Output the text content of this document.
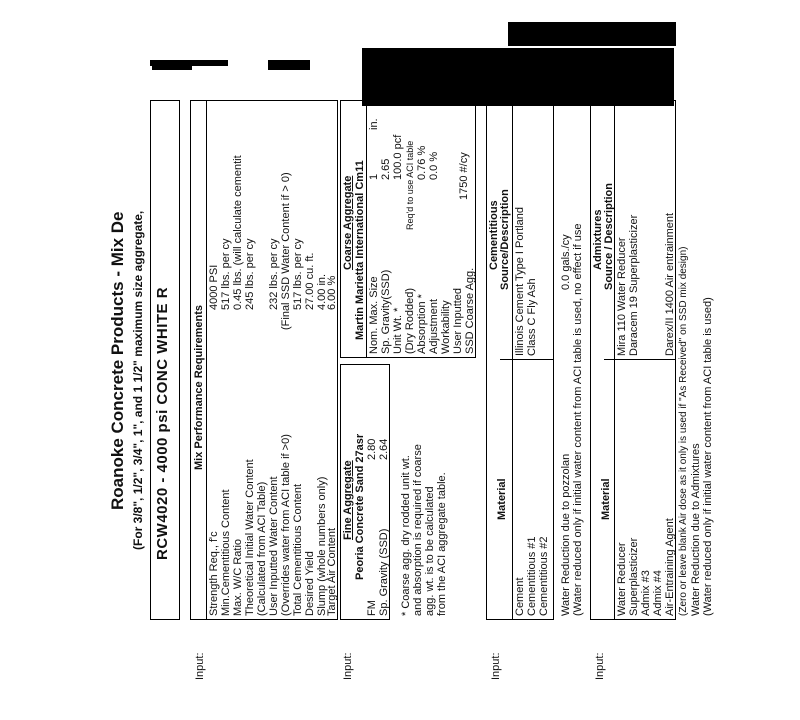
Roanoke Concrete Products - Mix De (For 3/8", 1/2", 3/4", 1", and 1 1/2" maximum size aggregate, RCW4020 - 4000 psi CONC WHITE R
Input:
Mix Performance Requirements
Strength Req., f'c
4000 PSI
Min.Cementitious Content
517 lbs. per cy
Max. W/C Ratio
0.45 lbs. (will calculate cementit
Theoretical Initial Water Content
245 lbs. per cy
(Calculated from ACI Table) User Inputted Water Content
232 lbs. per cy
(Overrides water from ACI table if >0)
(Final SSD Water Content if > 0)
Total Cementitious Content
517 lbs. per cy
Desired Yield
27.00 cu. ft.
Slump (whole numbers only)
4.00 in.
Target Air Content
6.00 %
Input:
Fine Aggregate Peoria Concrete Sand 27asr
FM
2.80
Sp. Gravity (SSD)
2.64
* Coarse agg. dry rodded unit wt. and absorption is required if coarse agg. wt. is to be calculated from the ACI aggregate table.
Coarse Aggregate Martin Marietta International Cm11 Nom. Max. Size
1
in.
Sp. Gravity(SSD)
2.65
Unit Wt. *
100.0 pcf
(Dry Rodded)
Req'd to use ACI table
Absorption *
0.76 %
Adjustment
0.0 %
Workability User Inputted
1750 #/cy
SSD Coarse Agg.
Input:
Cementitious
Material
Source/Description
Cement
Illinois Cement Type I Portland
Cementitious #1
Class C Fly Ash
Cementitious #2 Water Reduction due to pozzolan
0.0 gals./cy (Water reduced only if initial water content from ACI table is used, no effect if use
Input:
Admixtures
Material
Source / Description
Water Reducer
Mira 110 Water Reducer
Superplasticizer
Daracem 19 Superplasticizer
Admix #3 Admix #4 Air-Entraining Agent
Darex/II 1400 Air entrainment (Zero or leave blank Air dose as it only is used if "As Received" on SSD mix design) Water Reduction due to Admixtures (Water reduced only if initial water content from ACI table is used)
